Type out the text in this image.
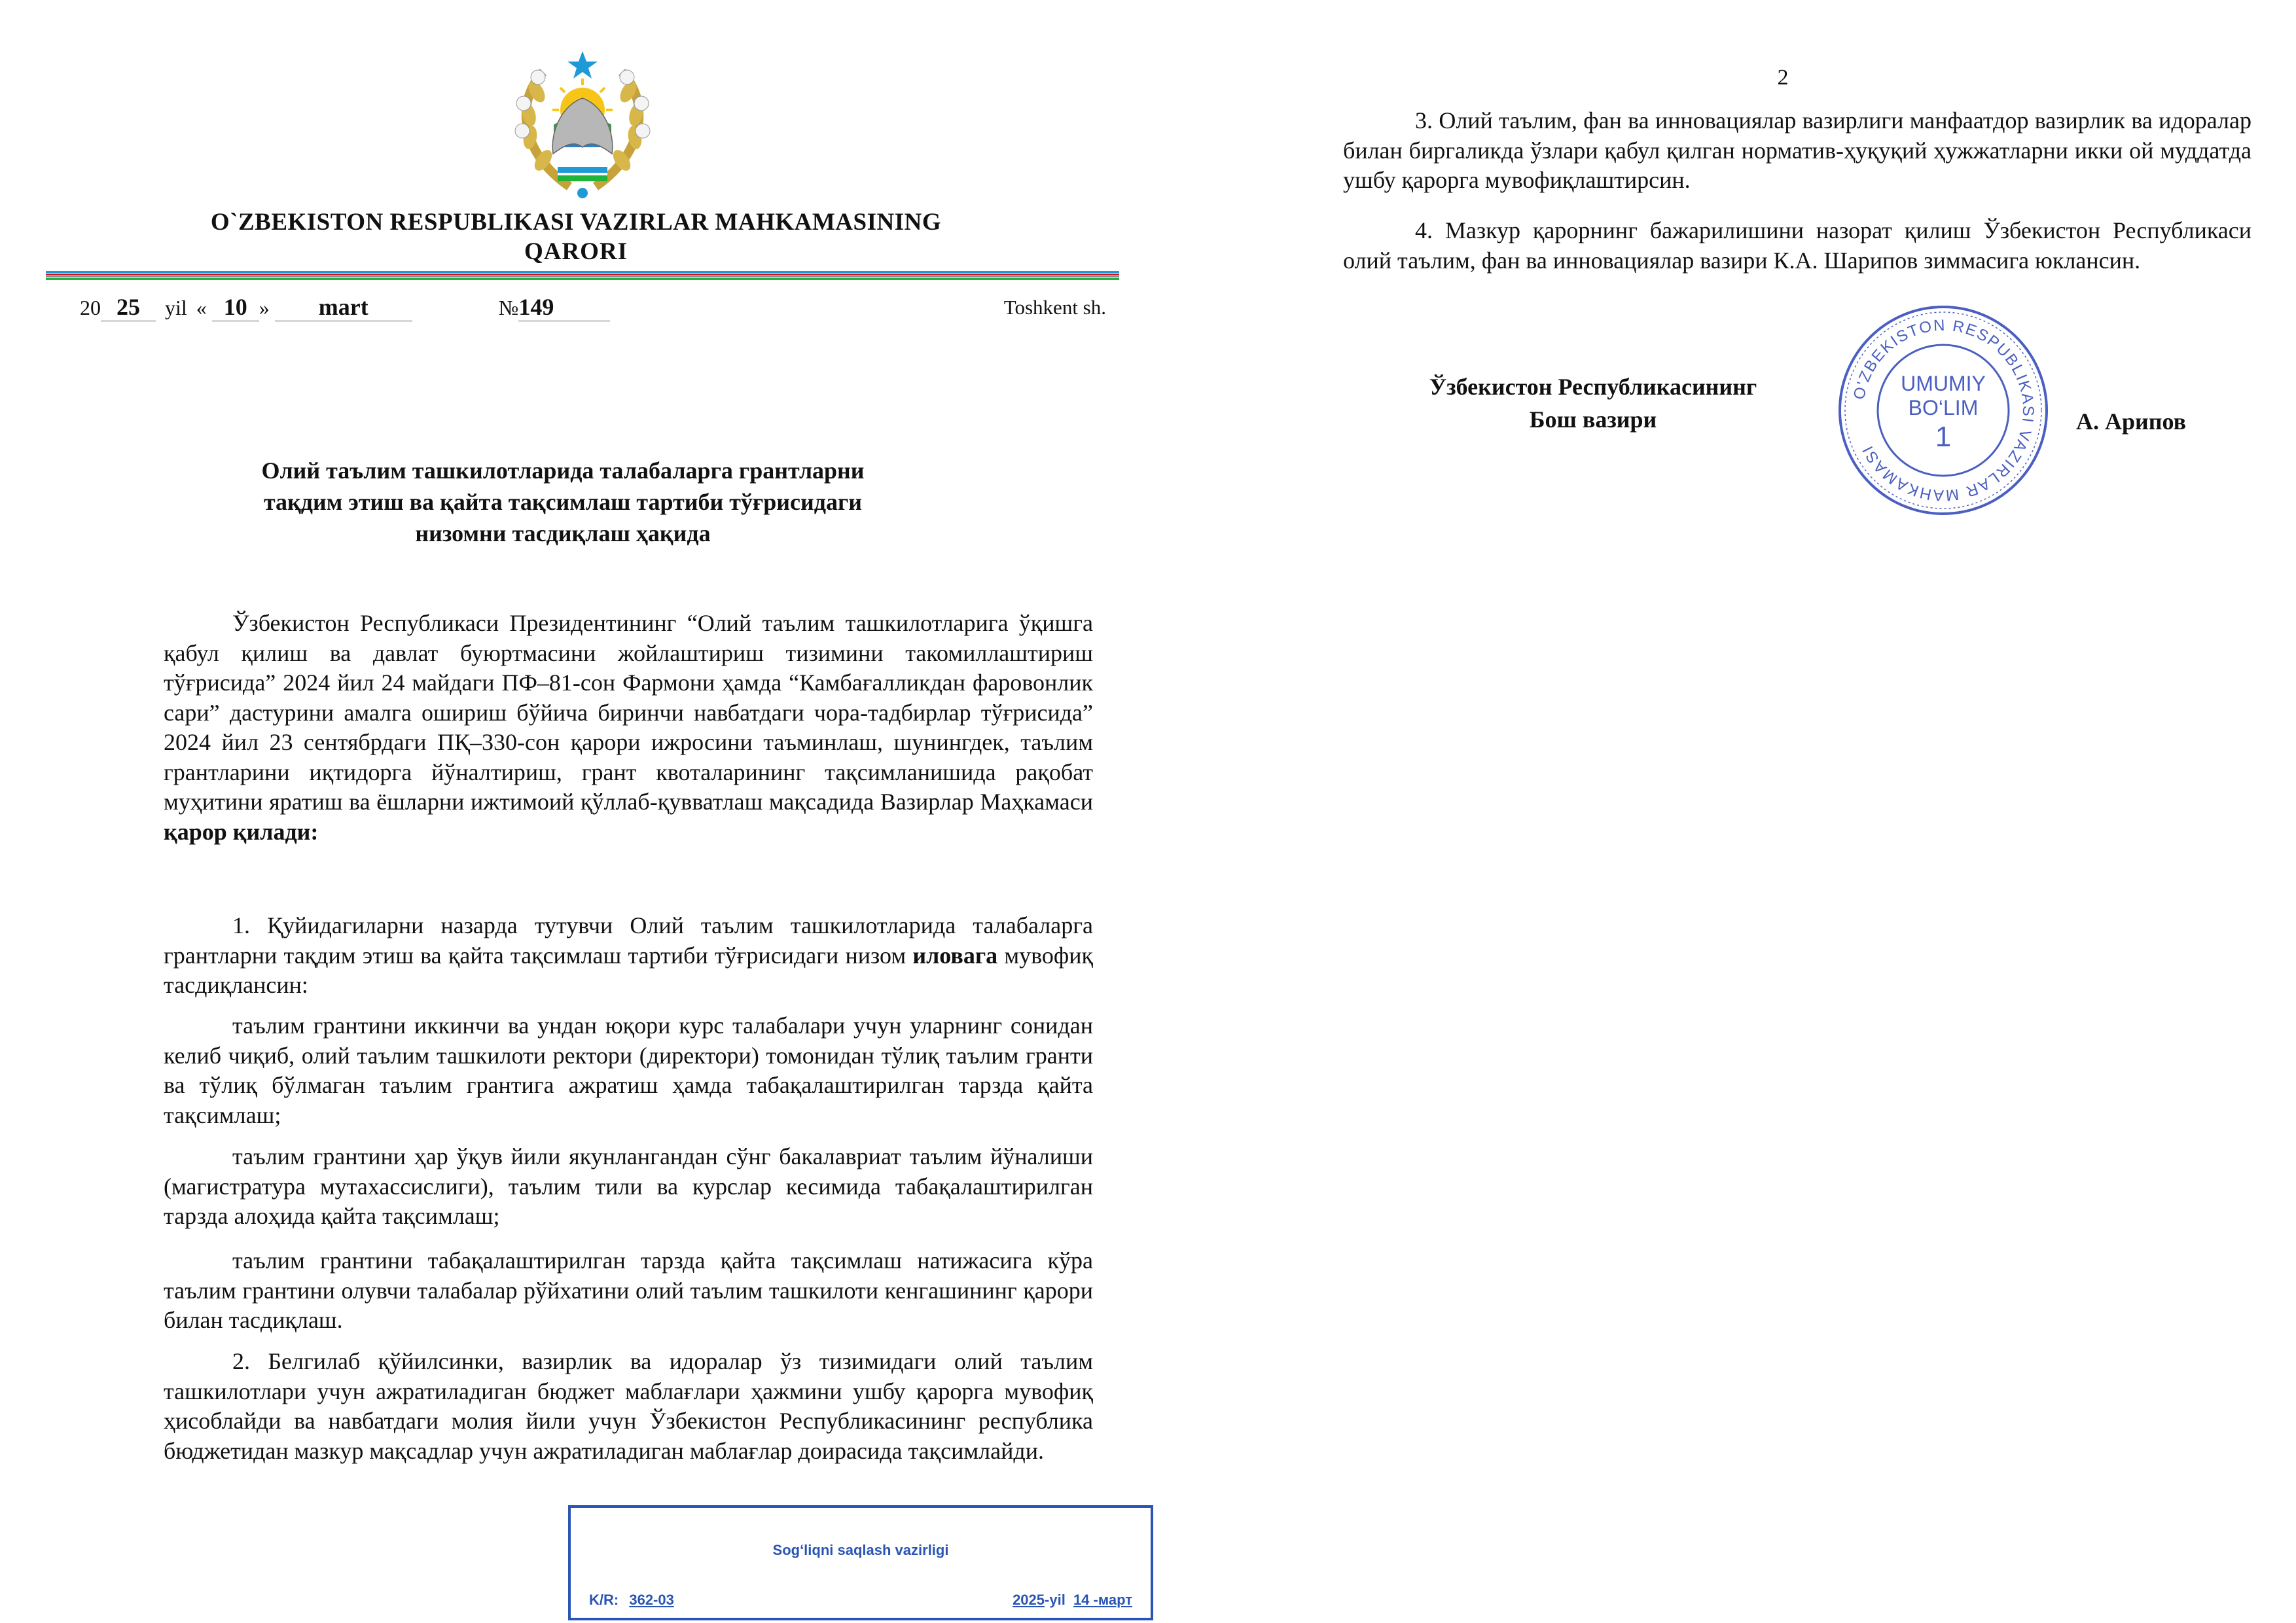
O`ZBEKISTON RESPUBLIKASI VAZIRLAR MAHKAMASINING
QARORI
20 25 yil « 10 » mart	№149	Toshkent sh.
Олий таълим ташкилотларида талабаларга грантларни
тақдим этиш ва қайта тақсимлаш тартиби тўғрисидаги
низомни тасдиқлаш ҳақида
Ўзбекистон Республикаси Президентининг “Олий таълим ташкилотларига ўқишга қабул қилиш ва давлат буюртмасини жойлаштириш тизимини такомиллаштириш тўғрисида” 2024 йил 24 майдаги ПФ–81-сон Фармони ҳамда “Камбағалликдан фаровонлик сари” дастурини амалга ошириш бўйича биринчи навбатдаги чора-тадбирлар тўғрисида” 2024 йил 23 сентябрдаги ПҚ–330-сон қарори ижросини таъминлаш, шунингдек, таълим грантларини иқтидорга йўналтириш, грант квоталарининг тақсимланишида рақобат муҳитини яратиш ва ёшларни ижтимоий қўллаб-қувватлаш мақсадида Вазирлар Маҳкамаси қарор қилади:
1. Қуйидагиларни назарда тутувчи Олий таълим ташкилотларида талабаларга грантларни тақдим этиш ва қайта тақсимлаш тартиби тўғрисидаги низом иловага мувофиқ тасдиқлансин:
таълим грантини иккинчи ва ундан юқори курс талабалари учун уларнинг сонидан келиб чиқиб, олий таълим ташкилоти ректори (директори) томонидан тўлиқ таълим гранти ва тўлиқ бўлмаган таълим грантига ажратиш ҳамда табақалаштирилган тарзда қайта тақсимлаш;
таълим грантини ҳар ўқув йили якунлангандан сўнг бакалавриат таълим йўналиши (магистратура мутахассислиги), таълим тили ва курслар кесимида табақалаштирилган тарзда алоҳида қайта тақсимлаш;
таълим грантини табақалаштирилган тарзда қайта тақсимлаш натижасига кўра таълим грантини олувчи талабалар рўйхатини олий таълим ташкилоти кенгашининг қарори билан тасдиқлаш.
2. Белгилаб қўйилсинки, вазирлик ва идоралар ўз тизимидаги олий таълим ташкилотлари учун ажратиладиган бюджет маблағлари ҳажмини ушбу қарорга мувофиқ ҳисоблайди ва навбатдаги молия йили учун Ўзбекистон Республикасининг республика бюджетидан мазкур мақсадлар учун ажратиладиган маблағлар доирасида тақсимлайди.
Sog‘liqni saqlash vazirligi
K/R: 362-03	2025-yil 14 -март
2
3. Олий таълим, фан ва инновациялар вазирлиги манфаатдор вазирлик ва идоралар билан биргаликда ўзлари қабул қилган норматив-ҳуқуқий ҳужжатларни икки ой муддатда ушбу қарорга мувофиқлаштирсин.
4. Мазкур қарорнинг бажарилишини назорат қилиш Ўзбекистон Республикаси олий таълим, фан ва инновациялар вазири К.А. Шарипов зиммасига юклансин.
Ўзбекистон Республикасининг
Бош вазири
O'ZBEKISTON RESPUBLIKASI VAZIRLAR MAHKAMASI
UMUMIY
BO‘LIM
1	А. Арипов
